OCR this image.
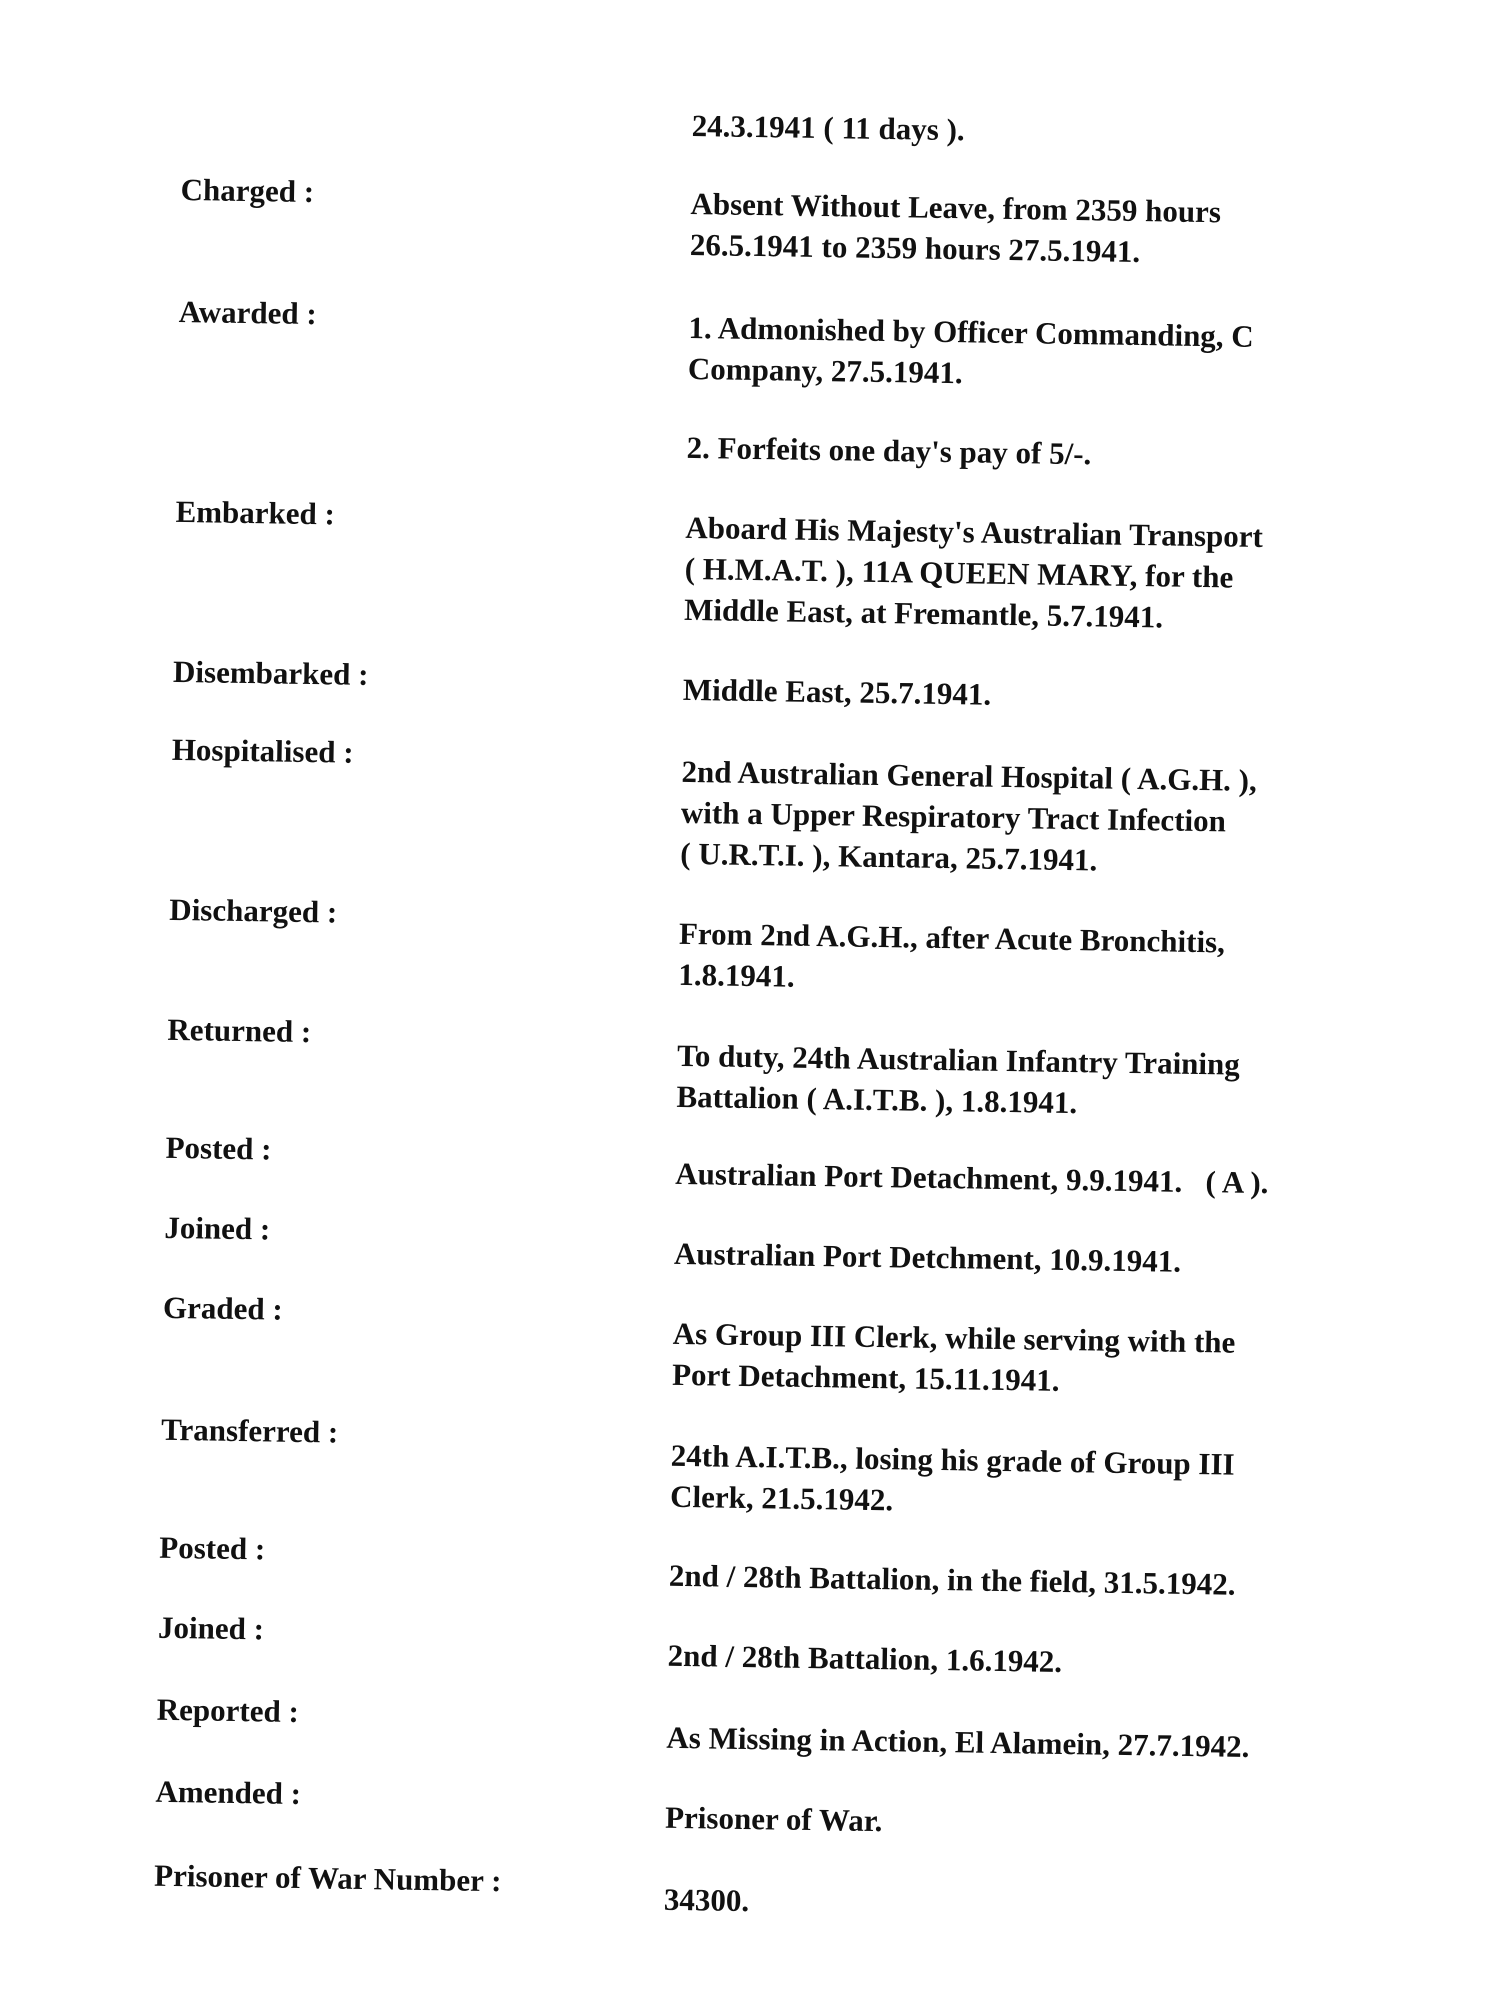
24.3.1941 ( 11 days ).
Charged :	Absent Without Leave, from 2359 hours
26.5.1941 to 2359 hours 27.5.1941.
Awarded :	1. Admonished by Officer Commanding, C
Company, 27.5.1941.
2. Forfeits one day's pay of 5/-.
Embarked :	Aboard His Majesty's Australian Transport
( H.M.A.T. ), 11A QUEEN MARY, for the
Middle East, at Fremantle, 5.7.1941.
Disembarked :	Middle East, 25.7.1941.
Hospitalised :
2nd Australian General Hospital ( A.G.H. ),
with a Upper Respiratory Tract Infection
( U.R.T.I. ), Kantara, 25.7.1941.
Discharged :
From 2nd A.G.H., after Acute Bronchitis,
1.8.1941.
Returned :
To duty, 24th Australian Infantry Training
Battalion ( A.I.T.B. ), 1.8.1941.
Posted :
Australian Port Detachment, 9.9.1941.   ( A ).
Joined :
Australian Port Detchment, 10.9.1941.
Graded :
As Group III Clerk, while serving with the
Port Detachment, 15.11.1941.
Transferred :
24th A.I.T.B., losing his grade of Group III
Clerk, 21.5.1942.
Posted :
2nd / 28th Battalion, in the field, 31.5.1942.
Joined :
2nd / 28th Battalion, 1.6.1942.
Reported :
As Missing in Action, El Alamein, 27.7.1942.
Amended :
Prisoner of War.
Prisoner of War Number :
34300.
